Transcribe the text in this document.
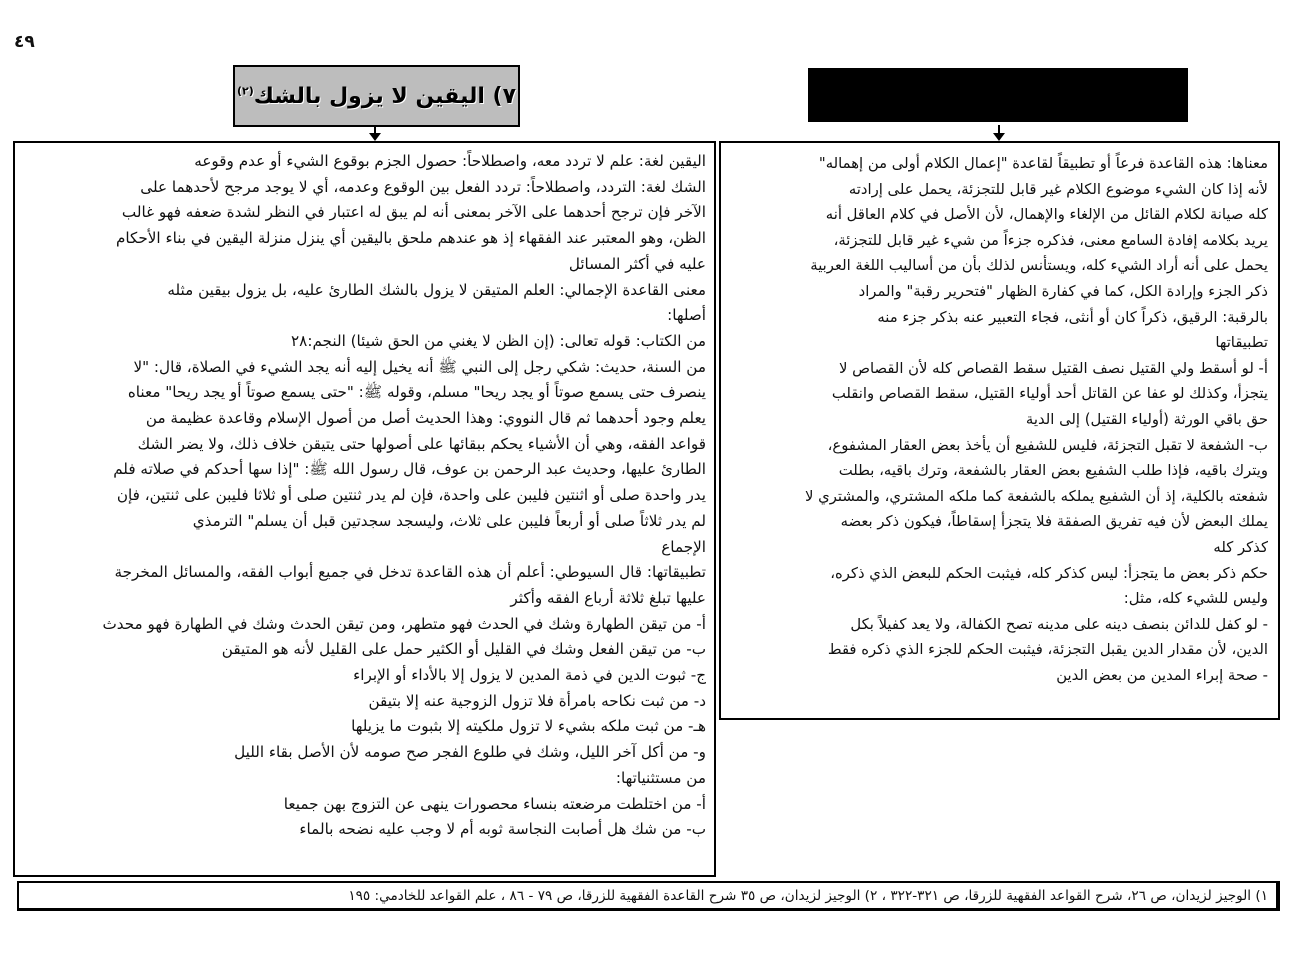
٤٩
٧) اليقين لا يزول بالشك$^{(٢)}$
اليقين لغة: علم لا تردد معه، واصطلاحاً: حصول الجزم بوقوع الشيء أو عدم وقوعه
الشك لغة: التردد، واصطلاحاً: تردد الفعل بين الوقوع وعدمه، أي لا يوجد مرجح لأحدهما على
الآخر فإن ترجح أحدهما على الآخر بمعنى أنه لم يبق له اعتبار في النظر لشدة ضعفه فهو غالب
الظن، وهو المعتبر عند الفقهاء إذ هو عندهم ملحق باليقين أي ينزل منزلة اليقين في بناء الأحكام
عليه في أكثر المسائل
معنى القاعدة الإجمالي: العلم المتيقن لا يزول بالشك الطارئ عليه، بل يزول بيقين مثله
أصلها:
من الكتاب: قوله تعالى: (إن الظن لا يغني من الحق شيئا) النجم:٢٨
من السنة، حديث: شكي رجل إلى النبي ﷺ أنه يخيل إليه أنه يجد الشيء في الصلاة، قال: "لا
ينصرف حتى يسمع صوتاً أو يجد ريحا" مسلم، وقوله ﷺ: "حتى يسمع صوتاً أو يجد ريحا" معناه
يعلم وجود أحدهما ثم قال النووي: وهذا الحديث أصل من أصول الإسلام وقاعدة عظيمة من
قواعد الفقه، وهي أن الأشياء يحكم ببقائها على أصولها حتى يتيقن خلاف ذلك، ولا يضر الشك
الطارئ عليها، وحديث عبد الرحمن بن عوف، قال رسول الله ﷺ: "إذا سها أحدكم في صلاته فلم
يدر واحدة صلى أو اثنتين فليبن على واحدة، فإن لم يدر ثنتين صلى أو ثلاثا فليبن على ثنتين، فإن
لم يدر ثلاثاً صلى أو أربعاً فليبن على ثلاث، وليسجد سجدتين قبل أن يسلم" الترمذي
الإجماع
تطبيقاتها: قال السيوطي: أعلم أن هذه القاعدة تدخل في جميع أبواب الفقه، والمسائل المخرجة
عليها تبلغ ثلاثة أرباع الفقه وأكثر
أ- من تيقن الطهارة وشك في الحدث فهو متطهر، ومن تيقن الحدث وشك في الطهارة فهو محدث
ب- من تيقن الفعل وشك في القليل أو الكثير حمل على القليل لأنه هو المتيقن
ج- ثبوت الدين في ذمة المدين لا يزول إلا بالأداء أو الإبراء
د- من ثبت نكاحه بامرأة فلا تزول الزوجية عنه إلا بتيقن
هـ- من ثبت ملكه بشيء لا تزول ملكيته إلا بثبوت ما يزيلها
و- من أكل آخر الليل، وشك في طلوع الفجر صح صومه لأن الأصل بقاء الليل
من مستثنياتها:
أ- من اختلطت مرضعته بنساء محصورات ينهى عن التزوج بهن جميعا
ب- من شك هل أصابت النجاسة ثوبه أم لا وجب عليه نضحه بالماء
معناها: هذه القاعدة فرعاً أو تطبيقاً لقاعدة "إعمال الكلام أولى من إهماله"
لأنه إذا كان الشيء موضوع الكلام غير قابل للتجزئة، يحمل على إرادته
كله صيانة لكلام القائل من الإلغاء والإهمال، لأن الأصل في كلام العاقل أنه
يريد بكلامه إفادة السامع معنى، فذكره جزءاً من شيء غير قابل للتجزئة،
يحمل على أنه أراد الشيء كله، ويستأنس لذلك بأن من أساليب اللغة العربية
ذكر الجزء وإرادة الكل، كما في كفارة الظهار "فتحرير رقبة" والمراد
بالرقبة: الرقيق، ذكراً كان أو أنثى، فجاء التعبير عنه بذكر جزء منه
تطبيقاتها
أ- لو أسقط ولي القتيل نصف القتيل سقط القصاص كله لأن القصاص لا
يتجزأ، وكذلك لو عفا عن القاتل أحد أولياء القتيل، سقط القصاص وانقلب
حق باقي الورثة (أولياء القتيل) إلى الدية
ب- الشفعة لا تقبل التجزئة، فليس للشفيع أن يأخذ بعض العقار المشفوع،
ويترك باقيه، فإذا طلب الشفيع بعض العقار بالشفعة، وترك باقيه، بطلت
شفعته بالكلية، إذ أن الشفيع يملكه بالشفعة كما ملكه المشتري، والمشتري لا
يملك البعض لأن فيه تفريق الصفقة فلا يتجزأ إسقاطاً، فيكون ذكر بعضه
كذكر كله
حكم ذكر بعض ما يتجزأ: ليس كذكر كله، فيثبت الحكم للبعض الذي ذكره،
وليس للشيء كله، مثل:
- لو كفل للدائن بنصف دينه على مدينه تصح الكفالة، ولا يعد كفيلاً بكل
الدين، لأن مقدار الدين يقبل التجزئة، فيثبت الحكم للجزء الذي ذكره فقط
- صحة إبراء المدين من بعض الدين
١) الوجيز لزيدان، ص ٢٦، شرح القواعد الفقهية للزرقا، ص ٣٢١-٣٢٢ ، ٢) الوجيز لزيدان، ص ٣٥ شرح القاعدة الفقهية للزرقا، ص ٧٩ - ٨٦ ، علم القواعد للخادمي: ١٩٥
